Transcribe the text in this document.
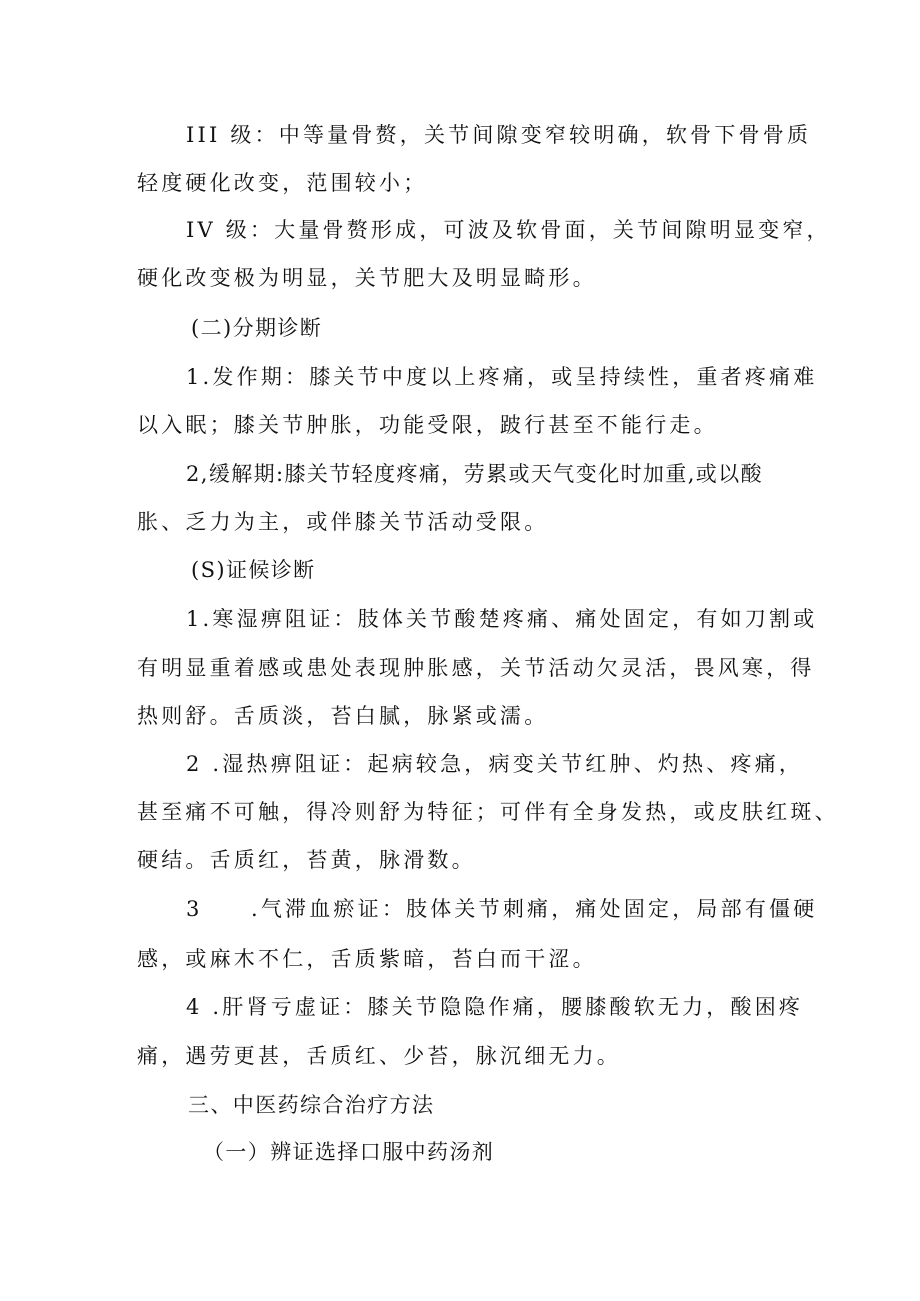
III 级：中等量骨赘，关节间隙变窄较明确，软骨下骨骨质
轻度硬化改变，范围较小；
IV 级：大量骨赘形成，可波及软骨面，关节间隙明显变窄，
硬化改变极为明显，关节肥大及明显畸形。
(二)分期诊断
1.发作期：膝关节中度以上疼痛，或呈持续性，重者疼痛难
以入眠；膝关节肿胀，功能受限，跛行甚至不能行走。
2,缓解期:膝关节轻度疼痛，劳累或天气变化时加重,或以酸
胀、乏力为主，或伴膝关节活动受限。
(S)证候诊断
1.寒湿痹阻证：肢体关节酸楚疼痛、痛处固定，有如刀割或
有明显重着感或患处表现肿胀感，关节活动欠灵活，畏风寒，得
热则舒。舌质淡，苔白腻，脉紧或濡。
2 .湿热痹阻证：起病较急，病变关节红肿、灼热、疼痛，
甚至痛不可触，得冷则舒为特征；可伴有全身发热，或皮肤红斑、
硬结。舌质红，苔黄，脉滑数。
3　　.气滞血瘀证：肢体关节刺痛，痛处固定，局部有僵硬
感，或麻木不仁，舌质紫暗，苔白而干涩。
4 .肝肾亏虚证：膝关节隐隐作痛，腰膝酸软无力，酸困疼
痛，遇劳更甚，舌质红、少苔，脉沉细无力。
三、中医药综合治疗方法
（一）辨证选择口服中药汤剂
